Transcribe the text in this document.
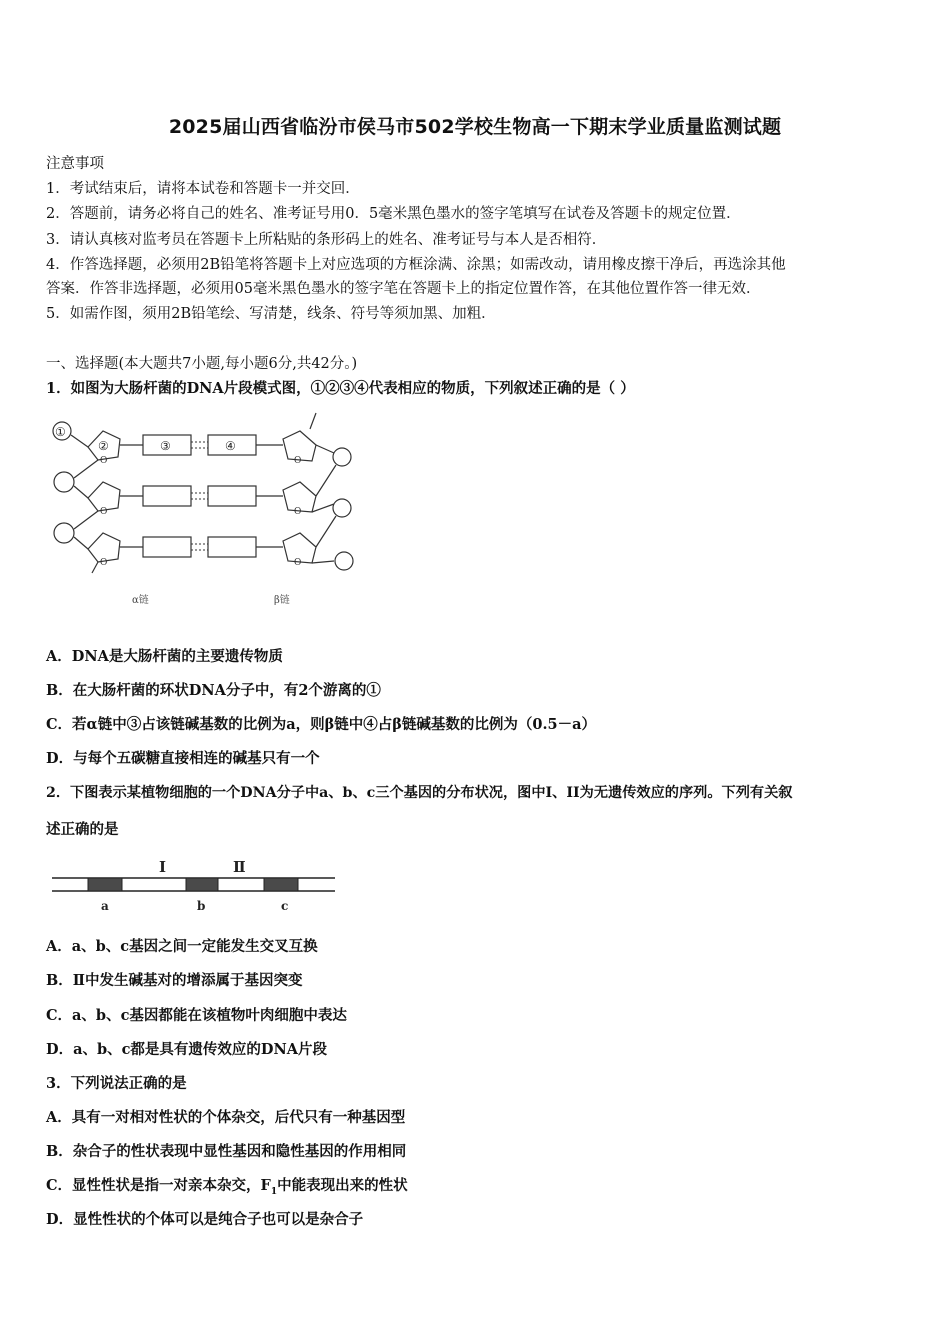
2025届山西省临汾市侯马市502学校生物高一下期末学业质量监测试题
注意事项
1．考试结束后，请将本试卷和答题卡一并交回．
2．答题前，请务必将自己的姓名、准考证号用0．5毫米黑色墨水的签字笔填写在试卷及答题卡的规定位置．
3．请认真核对监考员在答题卡上所粘贴的条形码上的姓名、准考证号与本人是否相符．
4．作答选择题，必须用2B铅笔将答题卡上对应选项的方框涂满、涂黑；如需改动，请用橡皮擦干净后，再选涂其他
答案．作答非选择题，必须用05毫米黑色墨水的签字笔在答题卡上的指定位置作答，在其他位置作答一律无效．
5．如需作图，须用2B铅笔绘、写清楚，线条、符号等须加黑、加粗．
一、选择题(本大题共7小题,每小题6分,共42分。)
1．如图为大肠杆菌的DNA片段模式图，①②③④代表相应的物质，下列叙述正确的是（ ）
O
O
O
O
O
O
①
②	③	④
α链	β链
A．DNA是大肠杆菌的主要遗传物质
B．在大肠杆菌的环状DNA分子中，有2个游离的①
C．若α链中③占该链碱基数的比例为a，则β链中④占β链碱基数的比例为（0.5－a）
D．与每个五碳糖直接相连的碱基只有一个
2．下图表示某植物细胞的一个DNA分子中a、b、c三个基因的分布状况，图中I、II为无遗传效应的序列。下列有关叙
述正确的是
I	Ⅱ
a	b	c
A．a、b、c基因之间一定能发生交叉互换
B．Ⅱ中发生碱基对的增添属于基因突变
C．a、b、c基因都能在该植物叶肉细胞中表达
D．a、b、c都是具有遗传效应的DNA片段
3．下列说法正确的是
A．具有一对相对性状的个体杂交，后代只有一种基因型
B．杂合子的性状表现中显性基因和隐性基因的作用相同
C．显性性状是指一对亲本杂交，$F_1$中能表现出来的性状
D．显性性状的个体可以是纯合子也可以是杂合子
